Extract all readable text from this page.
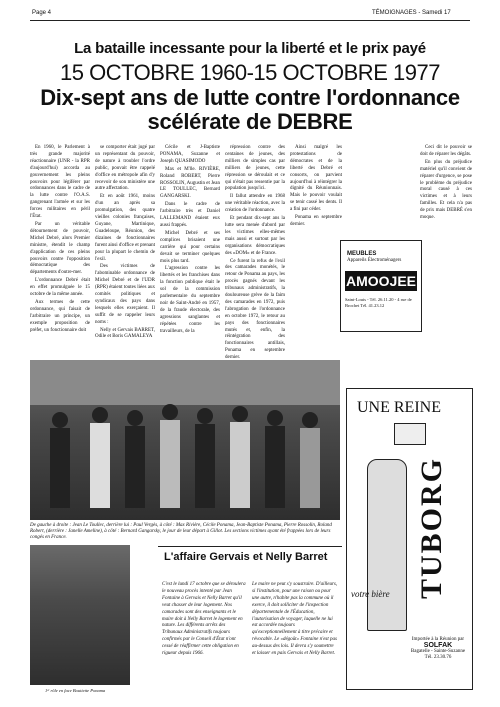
Page 4	TÉMOIGNAGES - Samedi 17
La bataille incessante pour la liberté et le prix payé
15 OCTOBRE 1960-15 OCTOBRE 1977
Dix-sept ans de lutte contre l'ordonnance
scélérate de DEBRE

En 1960, le Parlement à très grande majorité réactionnaire (UNR - la RPR d'aujourd'hui) accorda au gouvernement les pleins pouvoirs pour légiférer par ordonnances dans le cadre de la lutte contre l'O.A.S. gangrenant l'armée et sur les forces militaires en péril l'État.

Par un véritable détournement de pouvoir, Michel Debré, alors Premier ministre, étendit le champ d'application de ces pleins pouvoirs contre l'opposition démocratique des départements d'outre-mer.

L'ordonnance Debré était en effet promulguée le 15 octobre de la même année.

Aux termes de cette ordonnance, qui faisait de l'arbitraire un principe, un exemple proposition de préfet, un fonctionnaire doit

se comporter était jugé par un représentant du pouvoir, de nature à troubler l'ordre public, pouvait être rappelé d'office en métropole afin d'y recevoir de son ministère une autre affectation.

Et en août 1961, moins d'un an après sa promulgation, des quatre vieilles colonies françaises, Guyane, Martinique, Guadeloupe, Réunion, des dizaines de fonctionnaires furent ainsi d'office et prenant pour la plupart le chemin de l'exil.

Des victimes de l'abominable ordonnance de Michel Debré et de l'UDR (RPR) étaient toutes liées aux comités politiques et syndicaux des pays dans lesquels elles exerçaient. Il suffit de se rappeler leurs noms :

Nelly et Gervais BARRET, Odile et Boris GAMALEYA

Cécile et J-Baptiste PONAMA, Suzanne et Joseph QUASIMODO

Max et M'lle. RIVIÈRE, Roland ROBERT, Pierre ROSSOLIN, Augustin et Jean LE TOULLEC, Bernard GANGARSKI.

Dans le cadre de l'arbitraire très et Daniel LALLEMAND étaient eux aussi frappés.

Michel Debré et ses complices brisaient une carrière qui pour certains devait se terminer quelques mois plus tard.

L'agression contre les libertés et les franchises dans la fonction publique était le sol de la commission parlementaire du septembre noir de Saint-André en 1957, de la fraude électorale, des agressions sanglantes et répétées contre les travailleurs, de la

répression contre des centaines de jeunes, des milliers de simples cas par milliers de jeunes, cette répression se déroulait et ce qui n'était pas ressentie par la population jusqu'ici.

Il fallut attendre en 1968 une véritable réaction, avec la création de l'ordonnance.

Et pendant dix-sept ans la lutte sera menée d'abord par les victimes elles-mêmes mais aussi et surtout par les organisations démocratiques des «DOM» et de France.

Ce furent la refus de l'exil des camarades monétés, le retour de Ponama au pays, les procès gagnés devant les tribunaux administratifs, la douloureuse grève de la faim des camarades en 1972, puis l'abrogation de l'ordonnance en octobre 1972, le retour au pays des fonctionnaires mutés et, enfin, la réintégration des fonctionnaires antillais, Ponama en septembre dernier.

Ainsi malgré les protestations de démocrates et de la liberté des Debré et consorts, on parvient aujourd'hui à réintégrer la dignité du Réunionnais. Mais le pouvoir voulait se tenir cassé les dents. Il a fini par céder.

Ponama en septembre dernier.

Ceci dit le pouvoir se doit de réparer les dégâts.

En plus du préjudice matériel qu'il convient de réparer d'urgence, se pose le problème du préjudice moral causé à ces victimes et à leurs familles. Et cela n'a pas de prix mais DEBRÉ s'en moque.

MEUBLES
Appareils Électroménagers
AMOOJEE
Saint-Louis - Tél. 26.11.20 - 4 rue de Brochet Tél. 41.23.12
De gauche à droite : Jean Le Toullec, derrière lui : Paul Vergès, à côté : Max Rivière, Cécile Ponama, Jean-Baptiste Ponama, Pierre Rossolin, Roland Robert, (derrière : Janelle Ameline), à côté : Bernard Gangarsky, le jour de leur départ à Gillot. Les sections victimes ayant été frappées lors de leurs congés en France.
1ᵉʳ rôle en face Boutiette Ponama
L'affaire Gervais et Nelly Barret
C'est le lundi 17 octobre que se déroulera le nouveau procès intenté par Jean Fontaine à Gervais et Nelly Barret qu'il veut chasser de leur logement. Nos camarades sont des enseignants et le maire doit à Nelly Barret le logement en nature. Les différents arrêts des Tribunaux Administratifs toujours confirmés par le Conseil d'État n'ont cessé de réaffirmer cette obligation en rigueur depuis 1966.
Le maire ne peut s'y soustraire. D'ailleurs, si l'institution, pour une raison ou pour une autre, n'habite pas la commune où il exerce, il doit solliciter de l'inspection départementale de l'Éducation, l'autorisation de voyager, laquelle ne lui est accordée toujours qu'exceptionnellement à titre précaire et révocable. Le «dégoût» Fontaine n'est pas au-dessus des lois. Il devra s'y soumettre et laisser en paix Gervais et Nelly Barret.
UNE REINE
TUBORG
votre bière
Importée à la Réunion par
SOLFAK
Bagatelle - Sainte-Suzanne
Tél. 23.30.76
